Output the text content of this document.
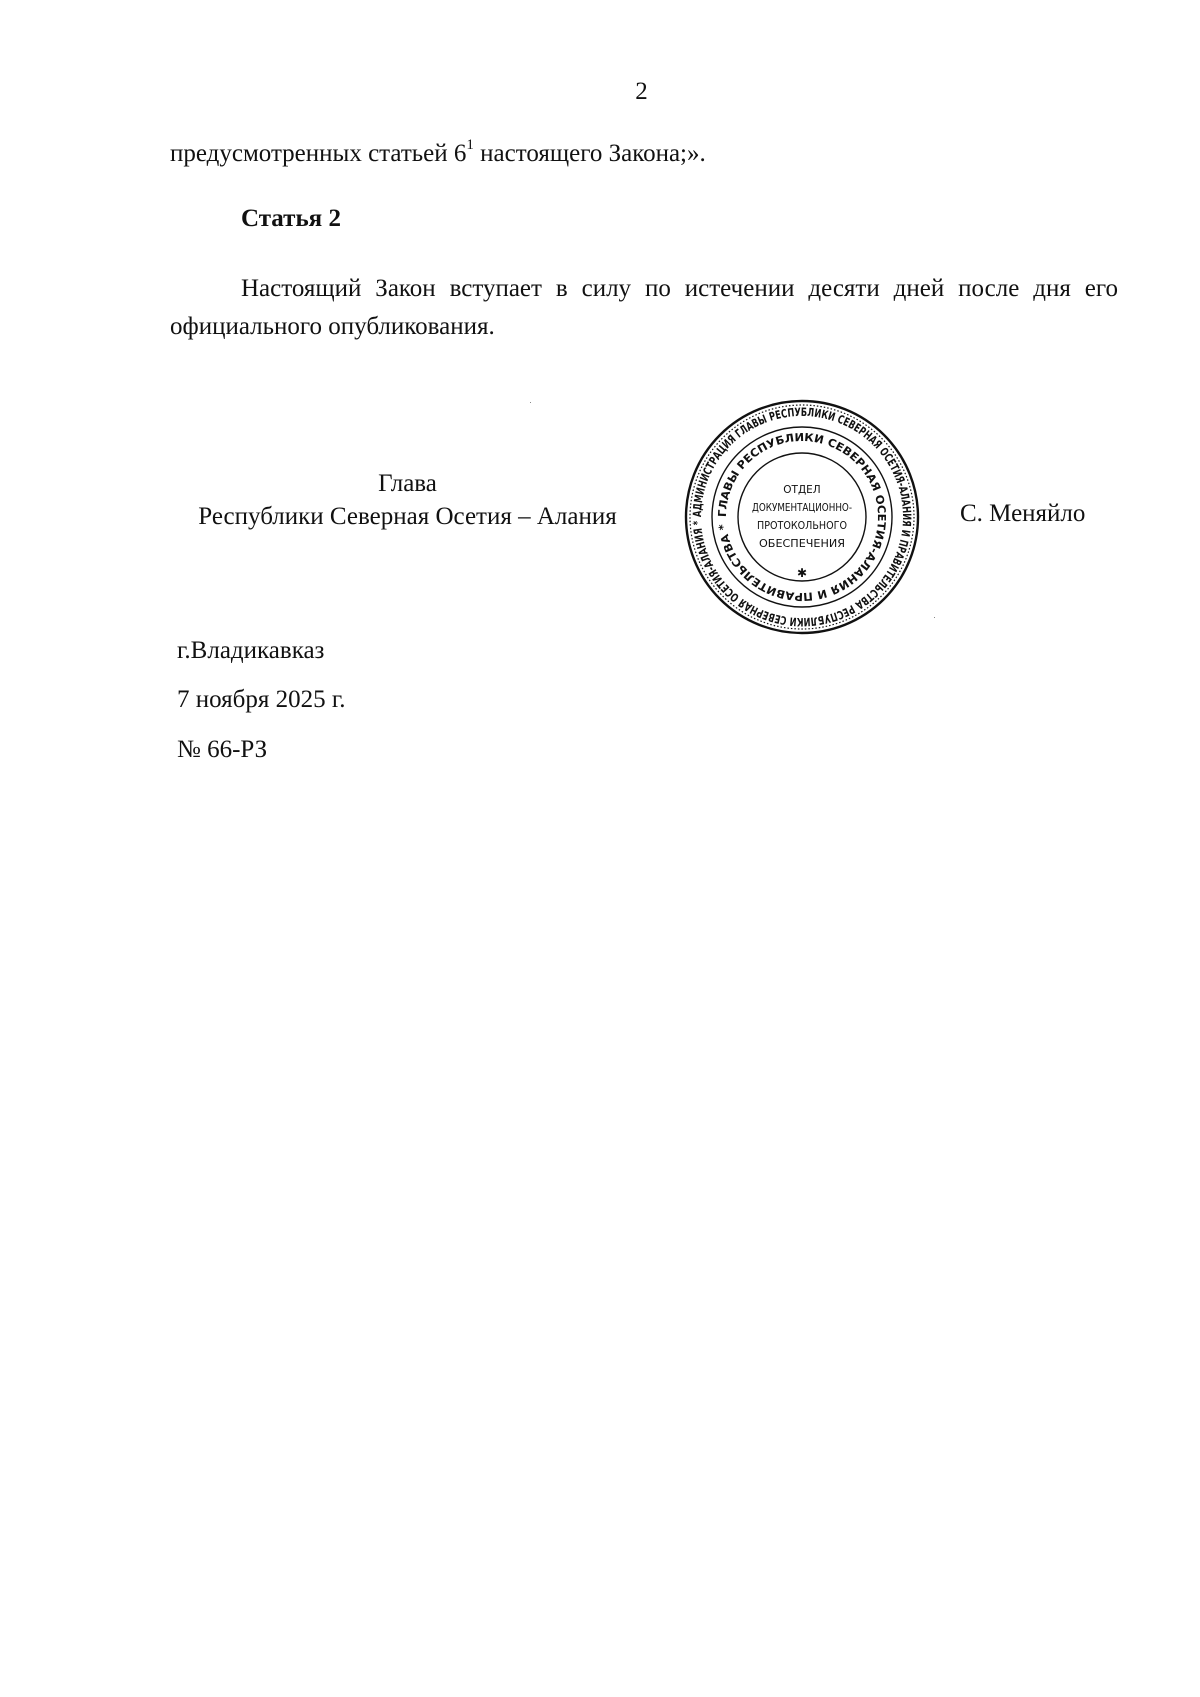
2
предусмотренных статьей $6^1$ настоящего Закона;».
Статья 2
Настоящий Закон вступает в силу по истечении десяти дней после дня его официального опубликования.
Глава
Республики Северная Осетия – Алания	АДМИНИСТРАЦИЯ ГЛАВЫ РЕСПУБЛИКИ СЕВЕРНАЯ ОСЕТИЯ-АЛАНИЯ И ПРАВИТЕЛЬСТВА РЕСПУБЛИКИ СЕВЕРНАЯ ОСЕТИЯ-АЛАНИЯ *
ГЛАВЫ РЕСПУБЛИКИ СЕВЕРНАЯ ОСЕТИЯ-АЛАНИЯ И ПРАВИТЕЛЬСТВА *
ОТДЕЛ
ДОКУМЕНТАЦИОННО-
ПРОТОКОЛЬНОГО
ОБЕСПЕЧЕНИЯ
✱
С. Меняйло
г.Владикавказ
7 ноября 2025 г.
№ 66-РЗ
